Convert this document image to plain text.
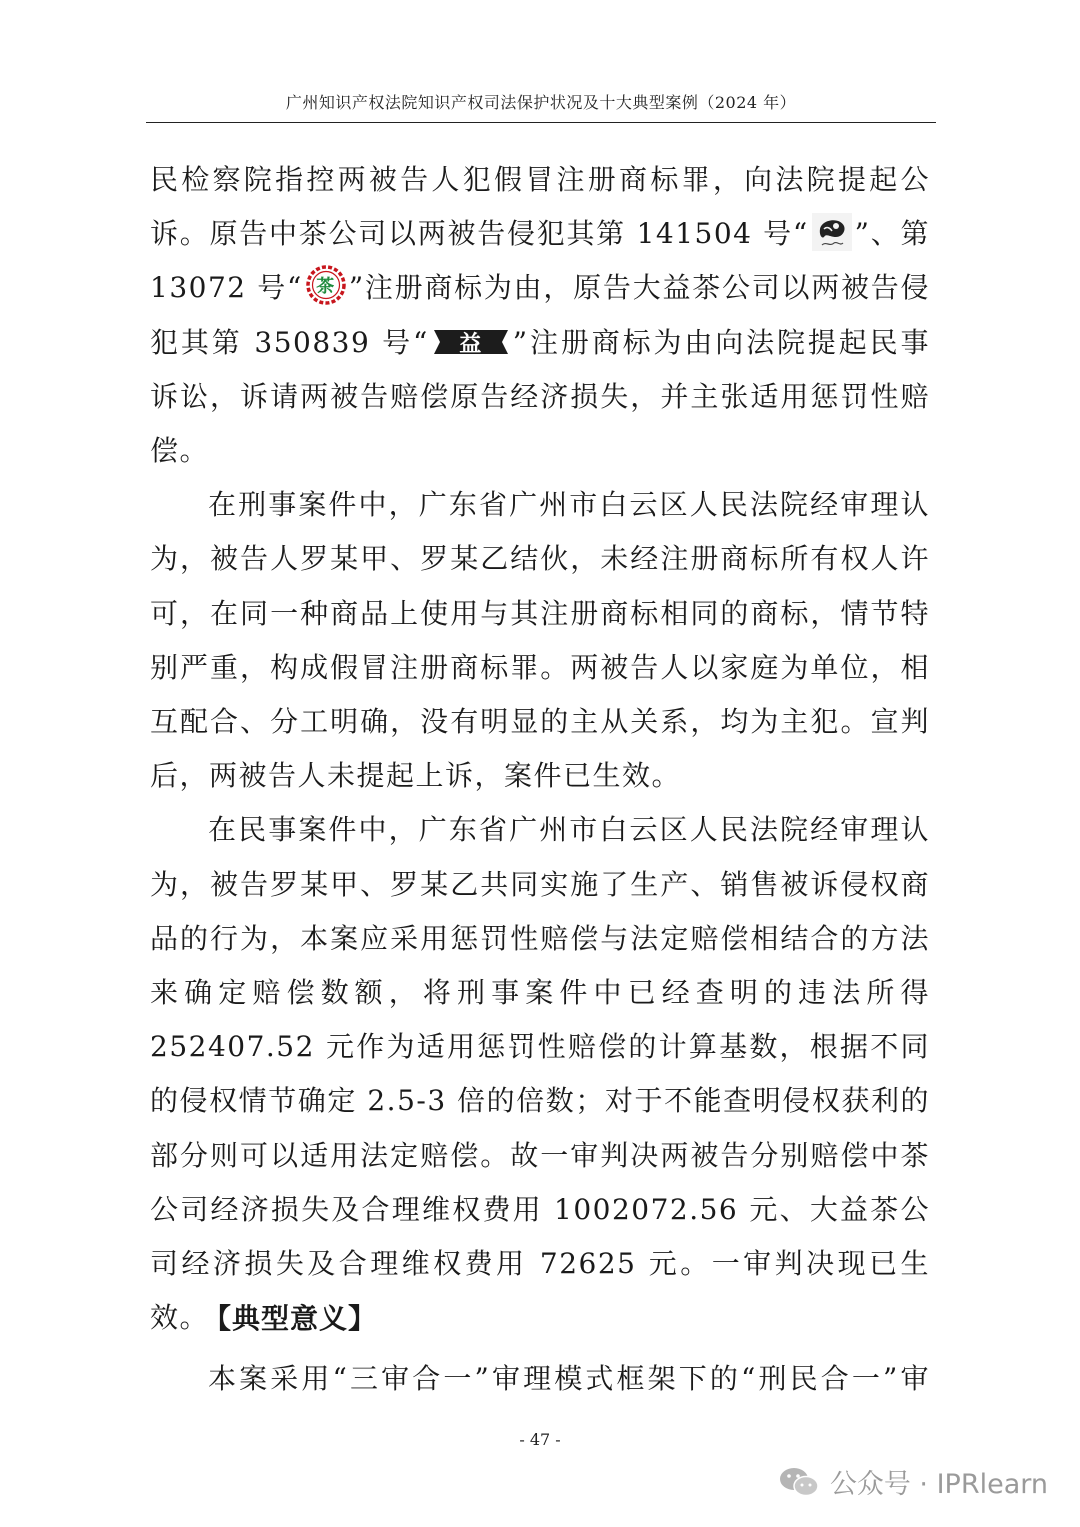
广州知识产权法院知识产权司法保护状况及十大典型案例（2024 年）

民检察院指控两被告人犯假冒注册商标罪，向法院提起公诉。原告中茶公司以两被告侵犯其第 141504 号“ ”、第 13072 号“ 茶 ”注册商标为由，原告大益茶公司以两被告侵犯其第 350839 号“ 益 ”注册商标为由向法院提起民事诉讼，诉请两被告赔偿原告经济损失，并主张适用惩罚性赔偿。

在刑事案件中，广东省广州市白云区人民法院经审理认为，被告人罗某甲、罗某乙结伙，未经注册商标所有权人许可，在同一种商品上使用与其注册商标相同的商标，情节特别严重，构成假冒注册商标罪。两被告人以家庭为单位，相互配合、分工明确，没有明显的主从关系，均为主犯。宣判后，两被告人未提起上诉，案件已生效。

在民事案件中，广东省广州市白云区人民法院经审理认为，被告罗某甲、罗某乙共同实施了生产、销售被诉侵权商品的行为，本案应采用惩罚性赔偿与法定赔偿相结合的方法来确定赔偿数额，将刑事案件中已经查明的违法所得 252407.52 元作为适用惩罚性赔偿的计算基数，根据不同的侵权情节确定 2.5-3 倍的倍数；对于不能查明侵权获利的部分则可以适用法定赔偿。故一审判决两被告分别赔偿中茶公司经济损失及合理维权费用 1002072.56 元、大益茶公司经济损失及合理维权费用 72625 元。一审判决现已生效。

【典型意义】
本案采用“三审合一”审理模式框架下的“刑民合一”审
- 47 -
公众号 · IPRlearn
